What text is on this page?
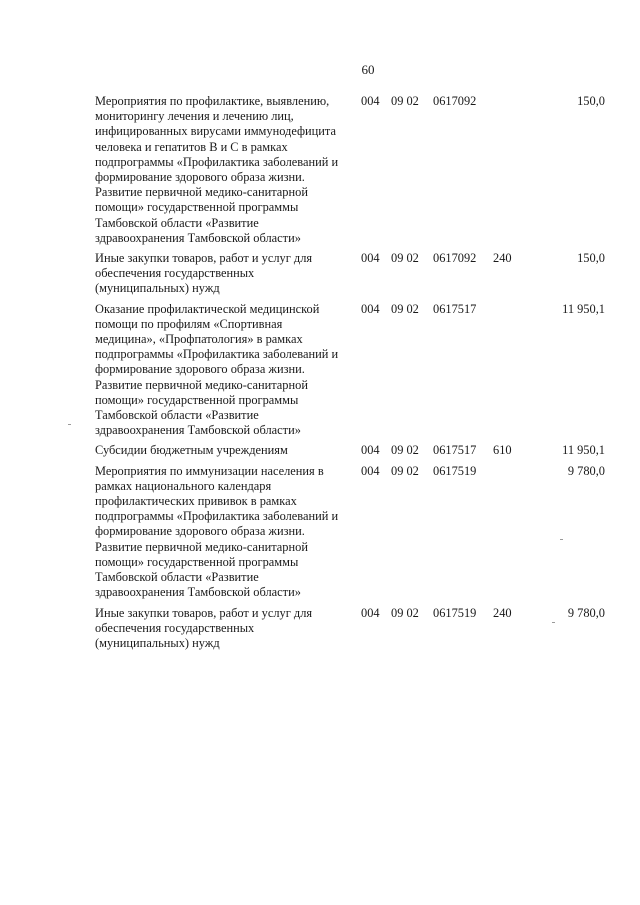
60
Мероприятия по профилактике, выявлению, мониторингу лечения и лечению лиц, инфицированных вирусами иммунодефицита человека и гепатитов В и С в рамках подпрограммы «Профилактика заболеваний и формирование здорового образа жизни. Развитие первичной медико-санитарной помощи» государственной программы Тамбовской области «Развитие здравоохранения Тамбовской области»	004	09 02	0617092		150,0
Иные закупки товаров, работ и услуг для обеспечения государственных (муниципальных) нужд	004	09 02	0617092	240	150,0
Оказание профилактической медицинской помощи по профилям «Спортивная медицина», «Профпатология» в рамках подпрограммы «Профилактика заболеваний и формирование здорового образа жизни. Развитие первичной медико-санитарной помощи» государственной программы Тамбовской области «Развитие здравоохранения Тамбовской области»	004	09 02	0617517		11 950,1
Субсидии бюджетным учреждениям	004	09 02	0617517	610	11 950,1
Мероприятия по иммунизации населения в рамках национального календаря профилактических прививок в рамках подпрограммы «Профилактика заболеваний и формирование здорового образа жизни. Развитие первичной медико-санитарной помощи» государственной программы Тамбовской области «Развитие здравоохранения Тамбовской области»	004	09 02	0617519		9 780,0
Иные закупки товаров, работ и услуг для обеспечения государственных (муниципальных) нужд	004	09 02	0617519	240	9 780,0
